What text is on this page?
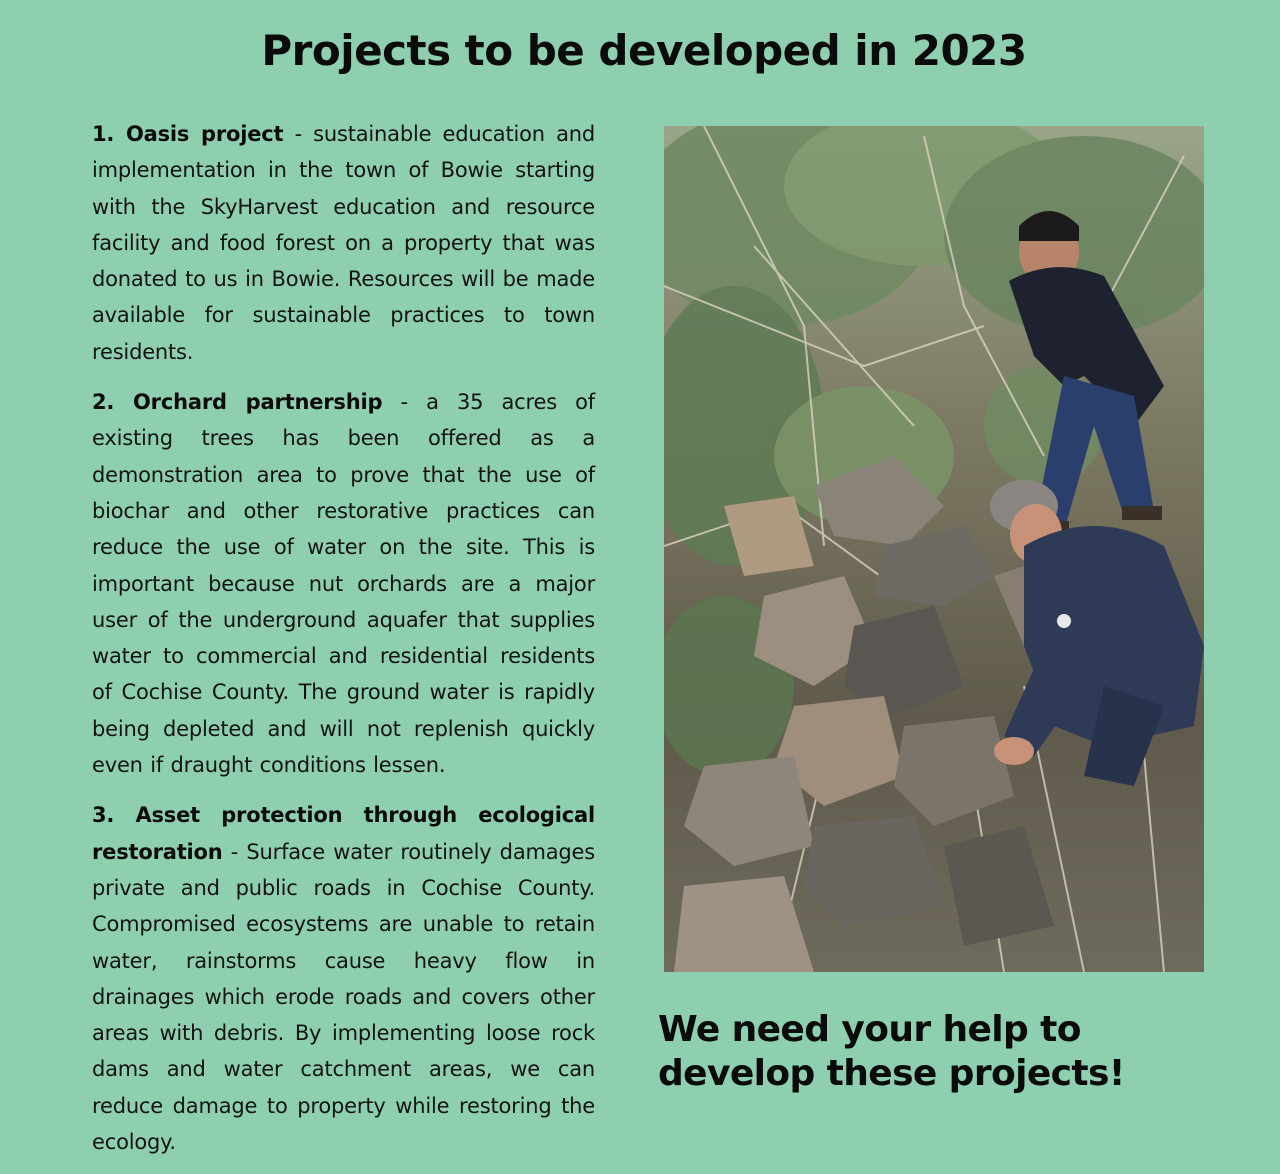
Projects to be developed in 2023

1. Oasis project - sustainable education and implementation in the town of Bowie starting with the SkyHarvest education and resource facility and food forest on a property that was donated to us in Bowie. Resources will be made available for sustainable practices to town residents.

2. Orchard partnership - a 35 acres of existing trees has been offered as a demonstration area to prove that the use of biochar and other restorative practices can reduce the use of water on the site. This is important because nut orchards are a major user of the underground aquafer that supplies water to commercial and residential residents of Cochise County. The ground water is rapidly being depleted and will not replenish quickly even if draught conditions lessen.

3. Asset protection through ecological restoration - Surface water routinely damages private and public roads in Cochise County. Compromised ecosystems are unable to retain water, rainstorms cause heavy flow in drainages which erode roads and covers other areas with debris. By implementing loose rock dams and water catchment areas, we can reduce damage to property while restoring the ecology.

We need your help to develop these projects!
